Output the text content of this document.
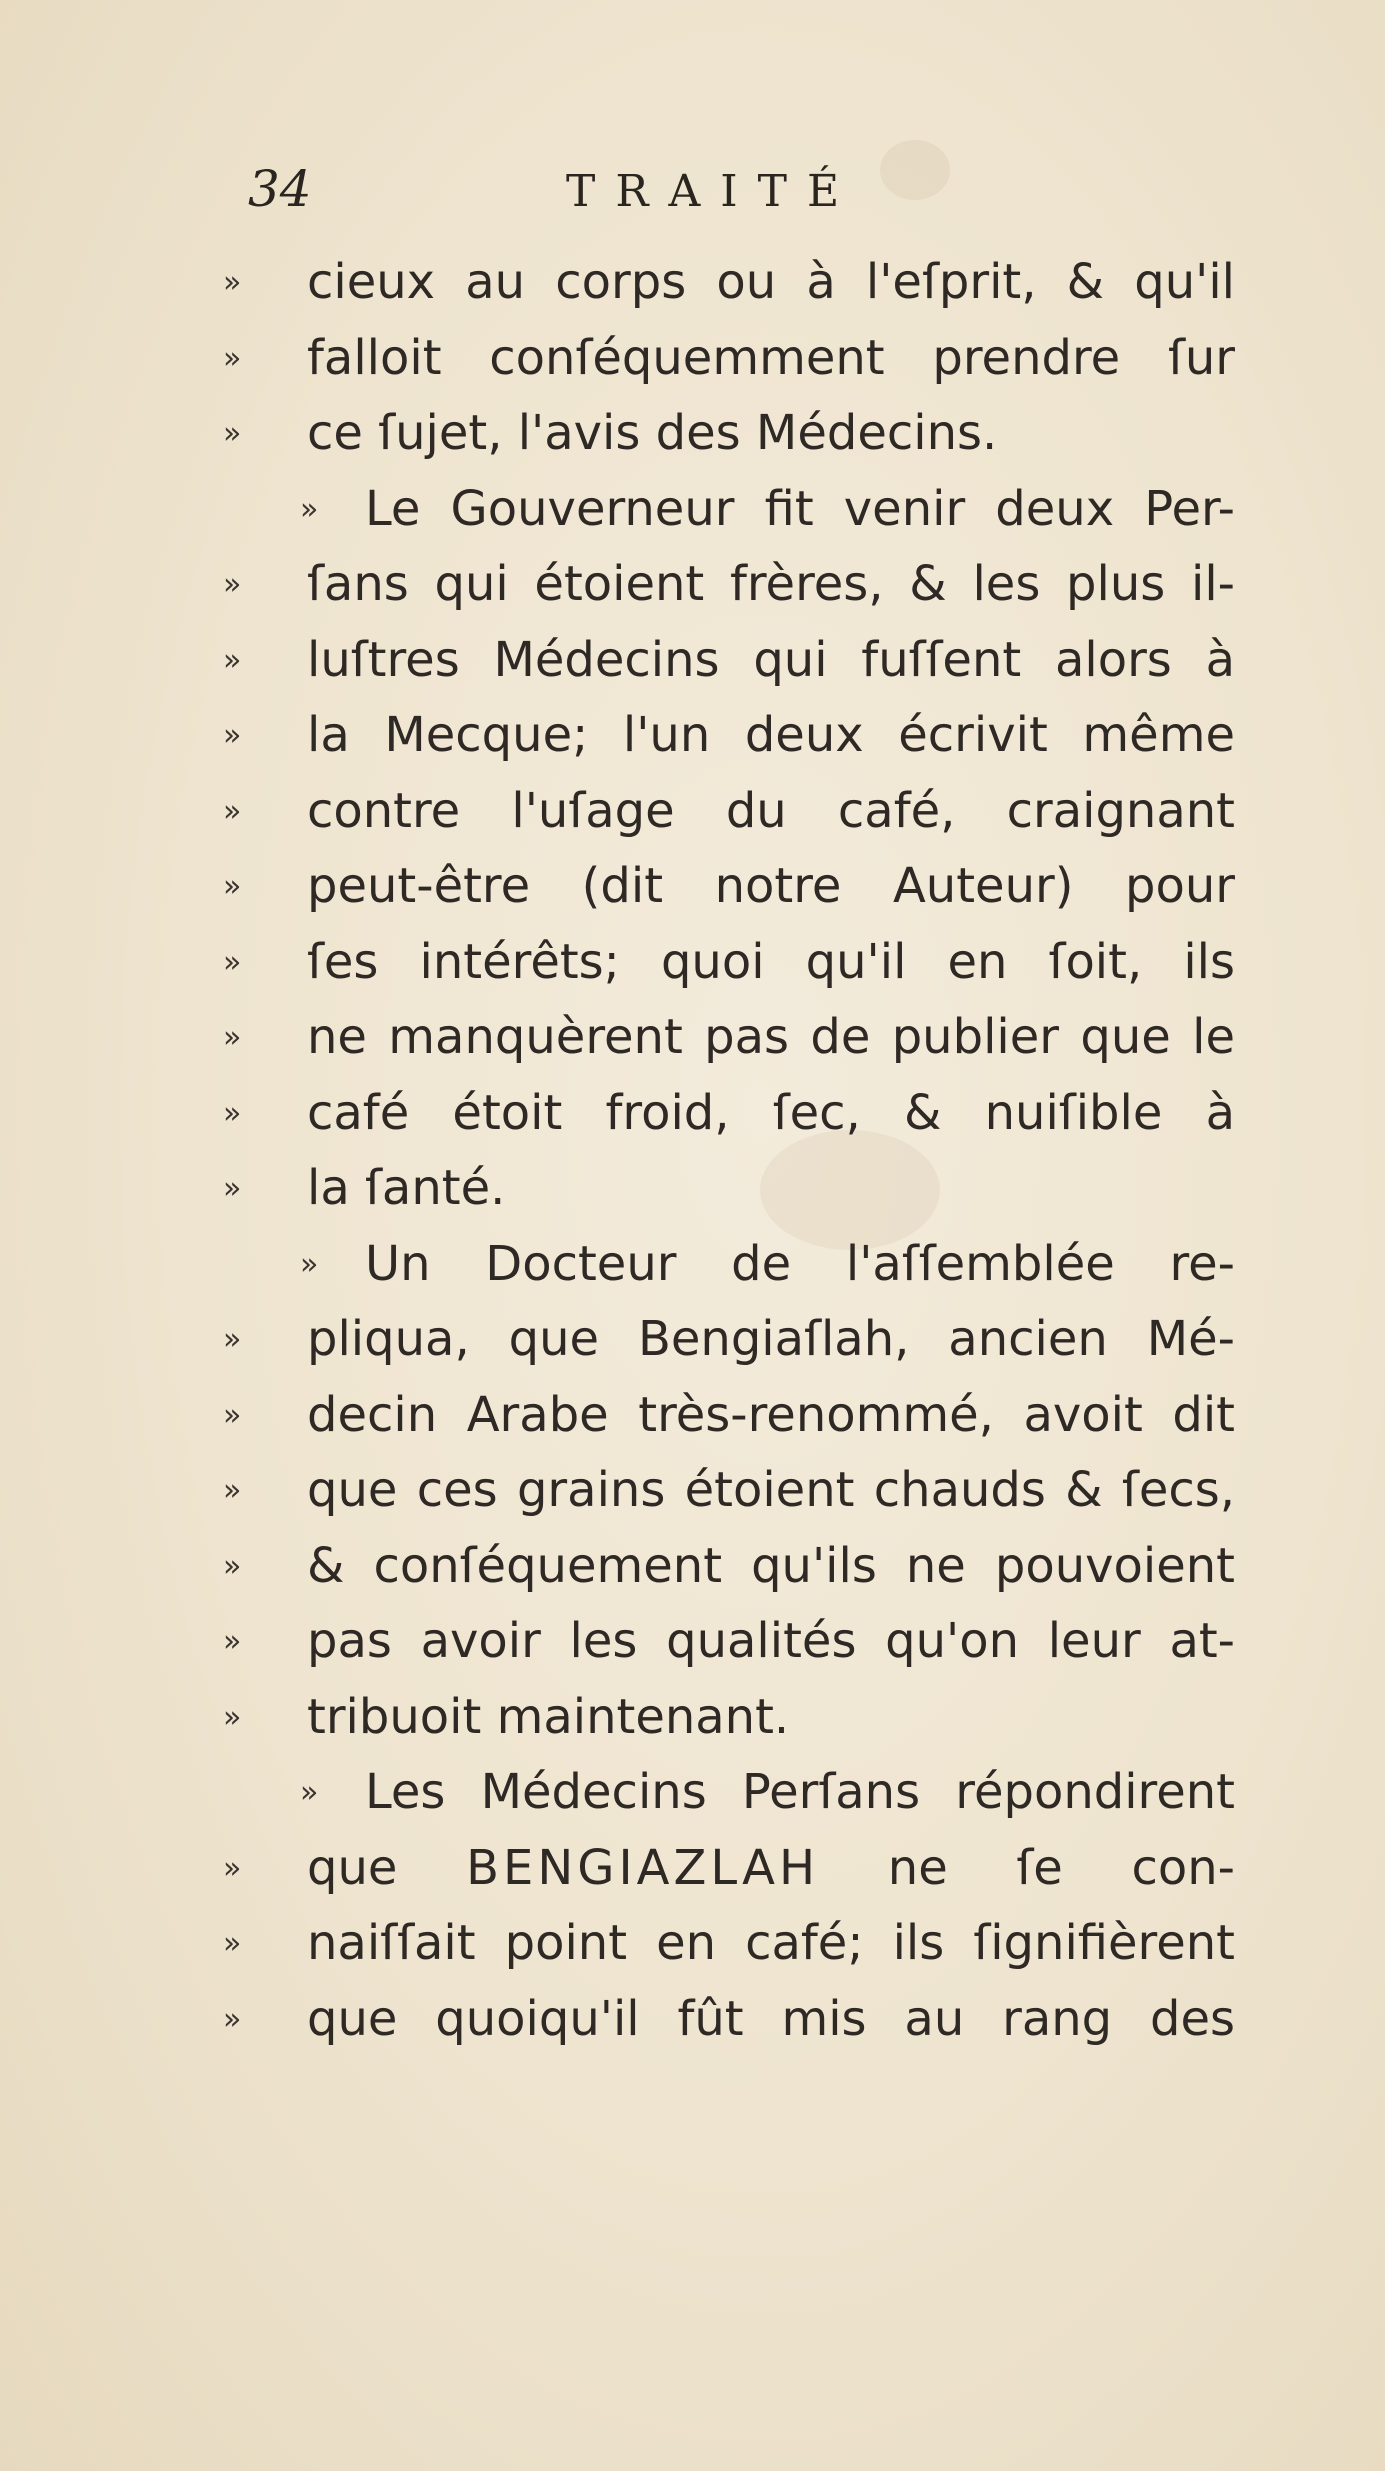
34	TRAITÉ
» cieux au corps ou à l'eſprit, & qu'il
» falloit conſéquemment prendre ſur
» ce ſujet, l'avis des Médecins.
» Le Gouverneur fit venir deux Per-
» ſans qui étoient frères, & les plus il-
» luſtres Médecins qui fuſſent alors à
» la Mecque; l'un deux écrivit même
» contre l'uſage du café, craignant
» peut-être (dit notre Auteur) pour
» ſes intérêts; quoi qu'il en ſoit, ils
» ne manquèrent pas de publier que le
» café étoit froid, ſec, & nuiſible à
» la ſanté.
» Un Docteur de l'aſſemblée re-
» pliqua, que Bengiaſlah, ancien Mé-
» decin Arabe très-renommé, avoit dit
» que ces grains étoient chauds & ſecs,
» & conſéquement qu'ils ne pouvoient
» pas avoir les qualités qu'on leur at-
» tribuoit maintenant.
» Les Médecins Perſans répondirent
» que BENGIAZLAH ne ſe con-
» naiſſait point en café; ils ſignifièrent
» que quoiqu'il fût mis au rang des
